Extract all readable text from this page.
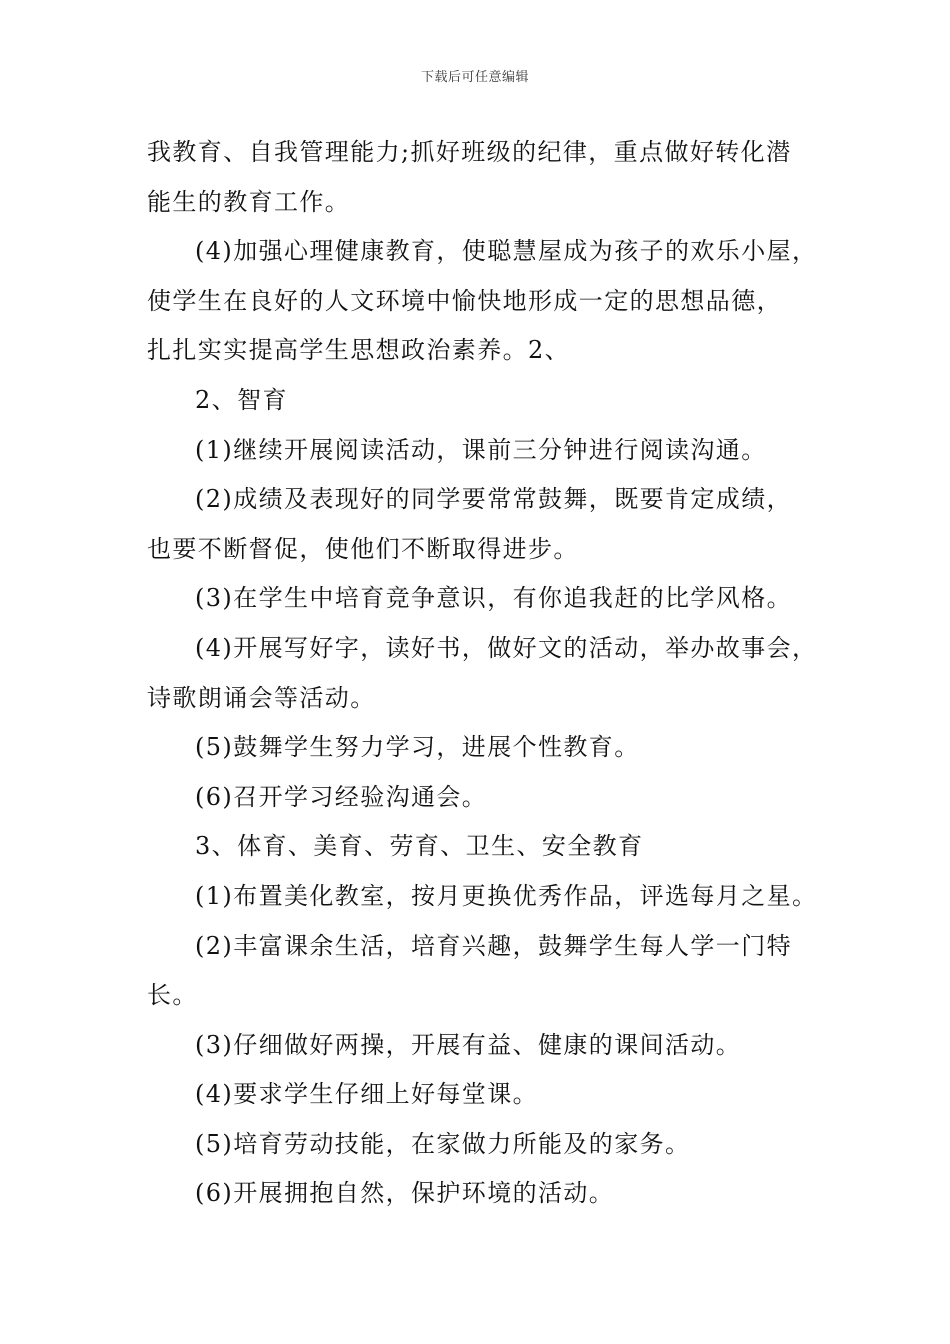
下载后可任意编辑
我教育、自我管理能力;抓好班级的纪律，重点做好转化潜
能生的教育工作。
(4)加强心理健康教育，使聪慧屋成为孩子的欢乐小屋，
使学生在良好的人文环境中愉快地形成一定的思想品德，
扎扎实实提高学生思想政治素养。2、
2、智育
(1)继续开展阅读活动，课前三分钟进行阅读沟通。
(2)成绩及表现好的同学要常常鼓舞，既要肯定成绩，
也要不断督促，使他们不断取得进步。
(3)在学生中培育竞争意识，有你追我赶的比学风格。
(4)开展写好字，读好书，做好文的活动，举办故事会，
诗歌朗诵会等活动。
(5)鼓舞学生努力学习，进展个性教育。
(6)召开学习经验沟通会。
3、体育、美育、劳育、卫生、安全教育
(1)布置美化教室，按月更换优秀作品，评选每月之星。
(2)丰富课余生活，培育兴趣，鼓舞学生每人学一门特
长。
(3)仔细做好两操，开展有益、健康的课间活动。
(4)要求学生仔细上好每堂课。
(5)培育劳动技能，在家做力所能及的家务。
(6)开展拥抱自然，保护环境的活动。
